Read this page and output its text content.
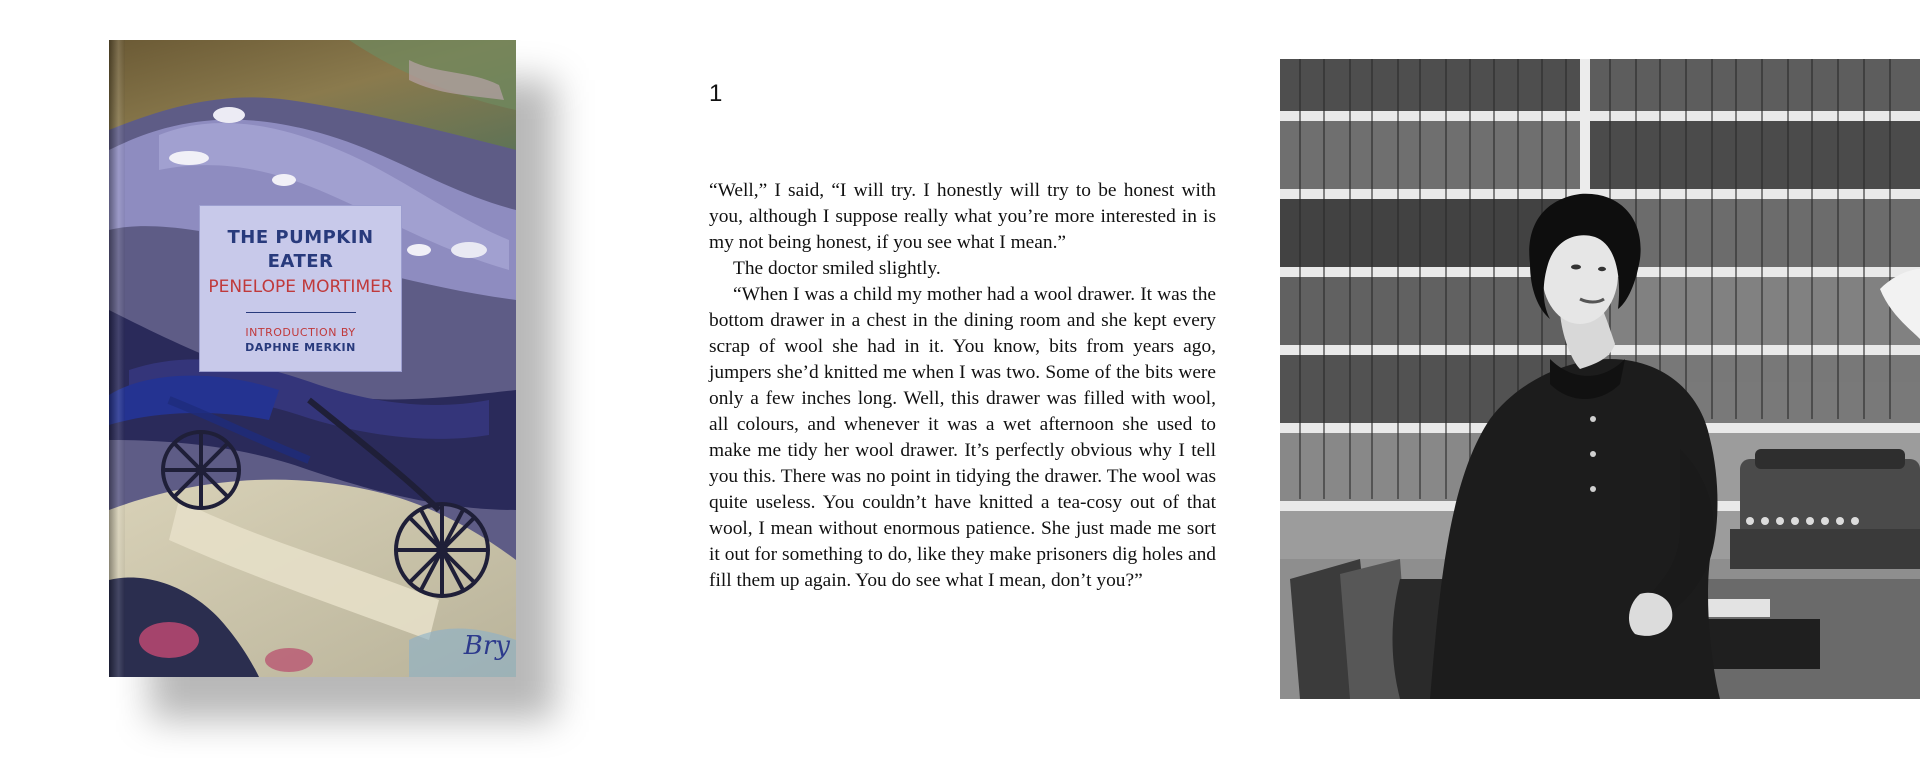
THE PUMPKIN EATER
PENELOPE MORTIMER
INTRODUCTION BY
DAPHNE MERKIN
Bry
1

“Well,” I said, “I will try. I honestly will try to be honest with you, although I suppose really what you’re more interested in is my not being honest, if you see what I mean.”

The doctor smiled slightly.

“When I was a child my mother had a wool drawer. It was the bottom drawer in a chest in the dining room and she kept every scrap of wool she had in it. You know, bits from years ago, jumpers she’d knitted me when I was two. Some of the bits were only a few inches long. Well, this drawer was filled with wool, all colours, and whenever it was a wet afternoon she used to make me tidy her wool drawer. It’s perfectly obvious why I tell you this. There was no point in tidying the drawer. The wool was quite useless. You couldn’t have knitted a tea-cosy out of that wool, I mean without enormous patience. She just made me sort it out for something to do, like they make prisoners dig holes and fill them up again. You do see what I mean, don’t you?”
